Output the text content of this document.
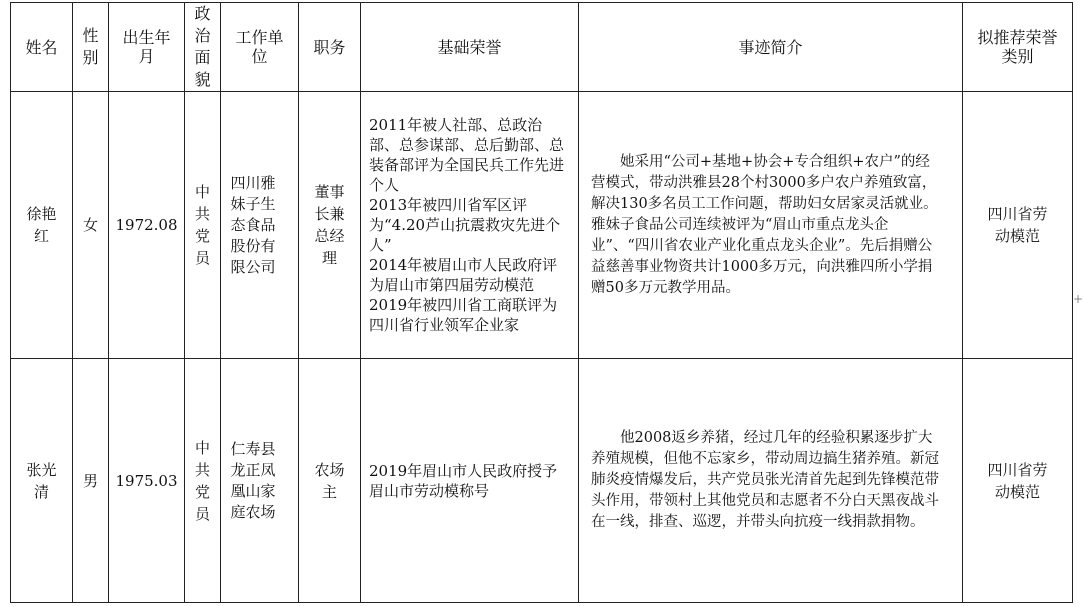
姓名	性别	出生年月	政治面貌	工作单位	职务	基础荣誉	事迹简介	拟推荐荣誉类别
徐艳红	女	1972.08	中共党员	四川雅妹子生态食品股份有限公司	董事长兼总经理	2011年被人社部、总政治部、总参谋部、总后勤部、总装备部评为全国民兵工作先进个人
2013年被四川省军区评为“4.20芦山抗震救灾先进个人”
2014年被眉山市人民政府评为眉山市第四届劳动模范
2019年被四川省工商联评为四川省行业领军企业家	她采用“公司+基地+协会+专合组织+农户”的经营模式，带动洪雅县28个村3000多户农户养殖致富，解决130多名员工工作问题，帮助妇女居家灵活就业。雅妹子食品公司连续被评为“眉山市重点龙头企业”、“四川省农业产业化重点龙头企业”。先后捐赠公益慈善事业物资共计1000多万元，向洪雅四所小学捐赠50多万元教学用品。	四川省劳动模范
张光清	男	1975.03	中共党员	仁寿县龙正凤凰山家庭农场	农场主	2019年眉山市人民政府授予眉山市劳动模称号	他2008返乡养猪，经过几年的经验积累逐步扩大养殖规模，但他不忘家乡，带动周边搞生猪养殖。新冠肺炎疫情爆发后，共产党员张光清首先起到先锋模范带头作用，带领村上其他党员和志愿者不分白天黑夜战斗在一线，排查、巡逻，并带头向抗疫一线捐款捐物。	四川省劳动模范
+
